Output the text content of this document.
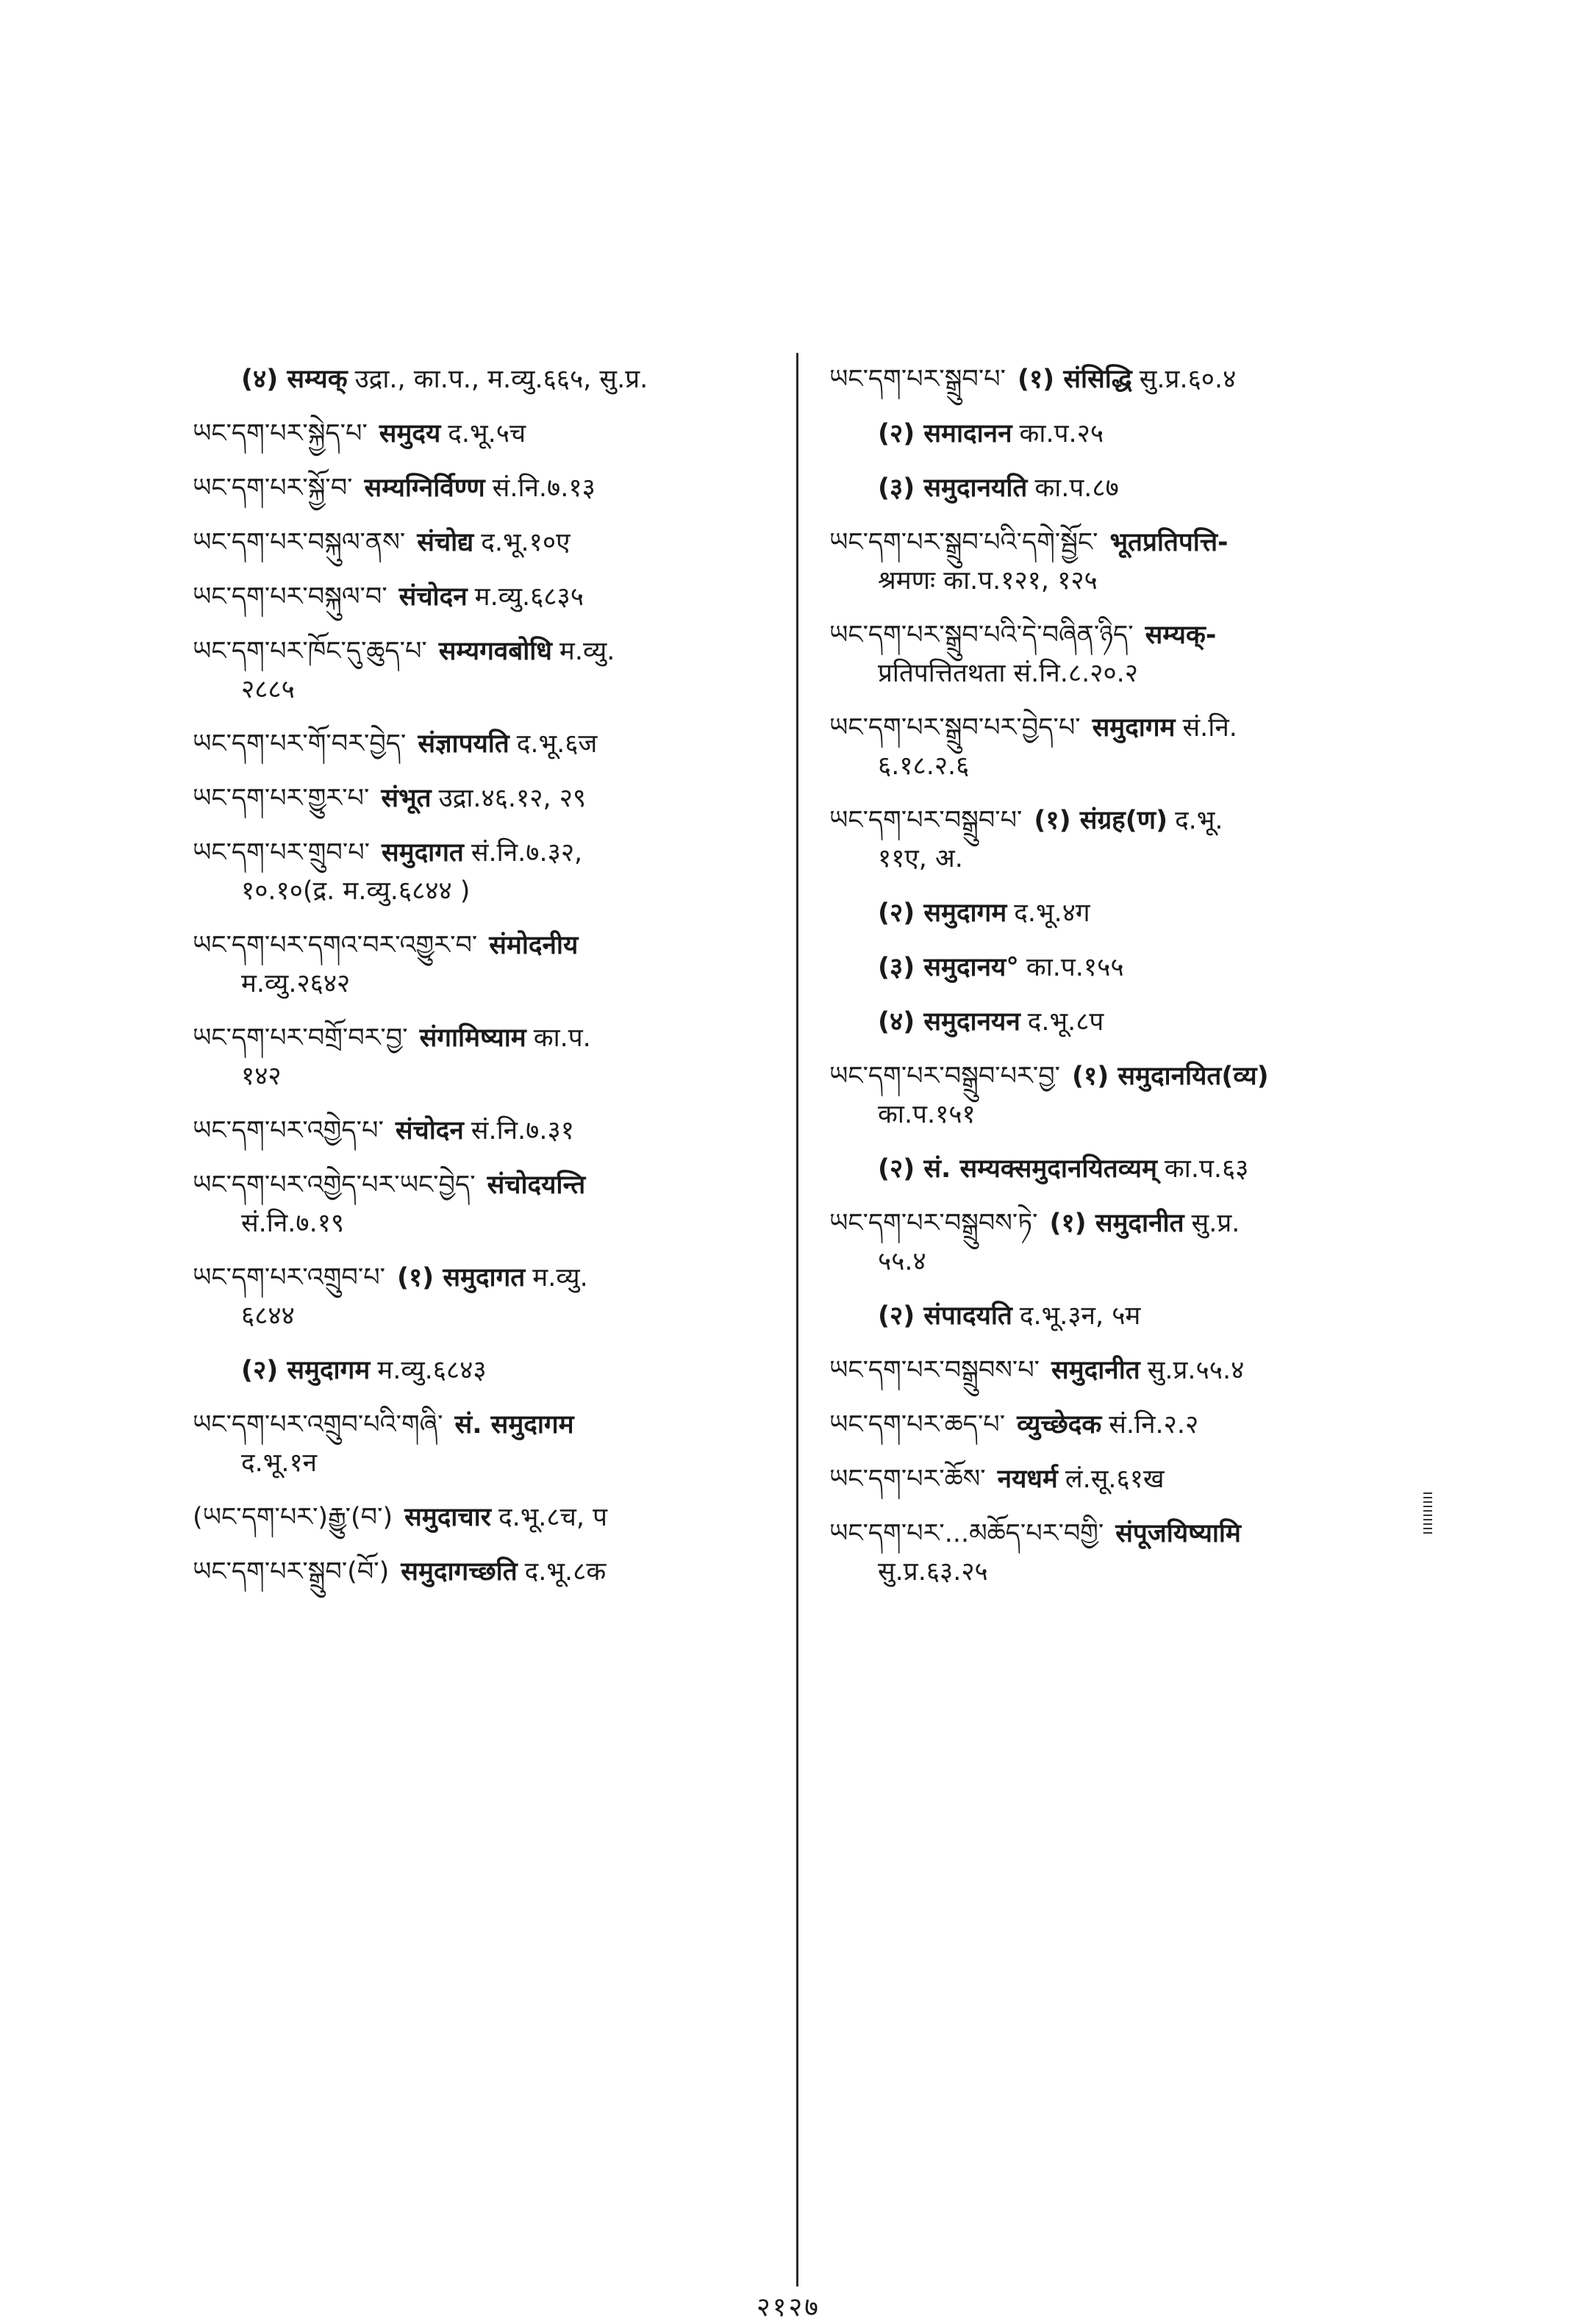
(४) सम्यक् उद्रा., का.प., म.व्यु.६६५, सु.प्र.
ཡང་དག་པར་སྐྱེད་པ་ समुदय द.भू.५च
ཡང་དག་པར་སྐྱོ་བ་ सम्यग्निर्विण्ण सं.नि.७.१३
ཡང་དག་པར་བསྐུལ་ནས་ संचोद्य द.भू.१०ए
ཡང་དག་པར་བསྐུལ་བ་ संचोदन म.व्यु.६८३५
ཡང་དག་པར་ཁོང་དུ་ཆུད་པ་ सम्यगवबोधि म.व्यु.
२८८५
ཡང་དག་པར་གོ་བར་བྱེད་ संज्ञापयति द.भू.६ज
ཡང་དག་པར་གྱུར་པ་ संभूत उद्रा.४६.१२, २९
ཡང་དག་པར་གྲུབ་པ་ समुदागत सं.नि.७.३२,
१०.१०(द्र. म.व्यु.६८४४ )
ཡང་དག་པར་དགའ་བར་འགྱུར་བ་ संमोदनीय
म.व्यु.२६४२
ཡང་དག་པར་བགྲོ་བར་བྱ་ संगामिष्याम का.प.
१४२
ཡང་དག་པར་འགྱེད་པ་ संचोदन सं.नि.७.३१
ཡང་དག་པར་འགྱེད་པར་ཡང་བྱེད་ संचोदयन्ति
सं.नि.७.१९
ཡང་དག་པར་འགྲུབ་པ་ (१) समुदागत म.व्यु.
६८४४
(२) समुदागम म.व्यु.६८४३
ཡང་དག་པར་འགྲུབ་པའི་གཞི་ सं. समुदागम
द.भू.१न
(ཡང་དག་པར་)རྒྱུ་(བ་) समुदाचार द.भू.८च, प
ཡང་དག་པར་སྒྲུབ་(བོ་) समुदागच्छति द.भू.८क
ཡང་དག་པར་སྒྲུབ་པ་ (१) संसिद्धि सु.प्र.६०.४
(२) समादानन का.प.२५
(३) समुदानयति का.प.८७
ཡང་དག་པར་སྒྲུབ་པའི་དགེ་སྦྱོང་ भूतप्रतिपत्ति-
श्रमणः का.प.१२१, १२५
ཡང་དག་པར་སྒྲུབ་པའི་དེ་བཞིན་ཉིད་ सम्यक्-
प्रतिपत्तितथता सं.नि.८.२०.२
ཡང་དག་པར་སྒྲུབ་པར་བྱེད་པ་ समुदागम सं.नि.
६.१८.२.६
ཡང་དག་པར་བསྒྲུབ་པ་ (१) संग्रह(ण) द.भू.
११ए, अ.
(२) समुदागम द.भू.४ग
(३) समुदानय° का.प.१५५
(४) समुदानयन द.भू.८प
ཡང་དག་པར་བསྒྲུབ་པར་བྱ་ (१) समुदानयित(व्य)
का.प.१५१
(२) सं. सम्यक्समुदानयितव्यम् का.प.६३
ཡང་དག་པར་བསྒྲུབས་ཏེ་ (१) समुदानीत सु.प्र.
५५.४
(२) संपादयति द.भू.३न, ५म
ཡང་དག་པར་བསྒྲུབས་པ་ समुदानीत सु.प्र.५५.४
ཡང་དག་པར་ཆད་པ་ व्युच्छेदक सं.नि.२.२
ཡང་དག་པར་ཆོས་ नयधर्म लं.सू.६१ख
ཡང་དག་པར་...མཆོད་པར་བགྱི་ संपूजयिष्यामि
सु.प्र.६३.२५
२१२७
